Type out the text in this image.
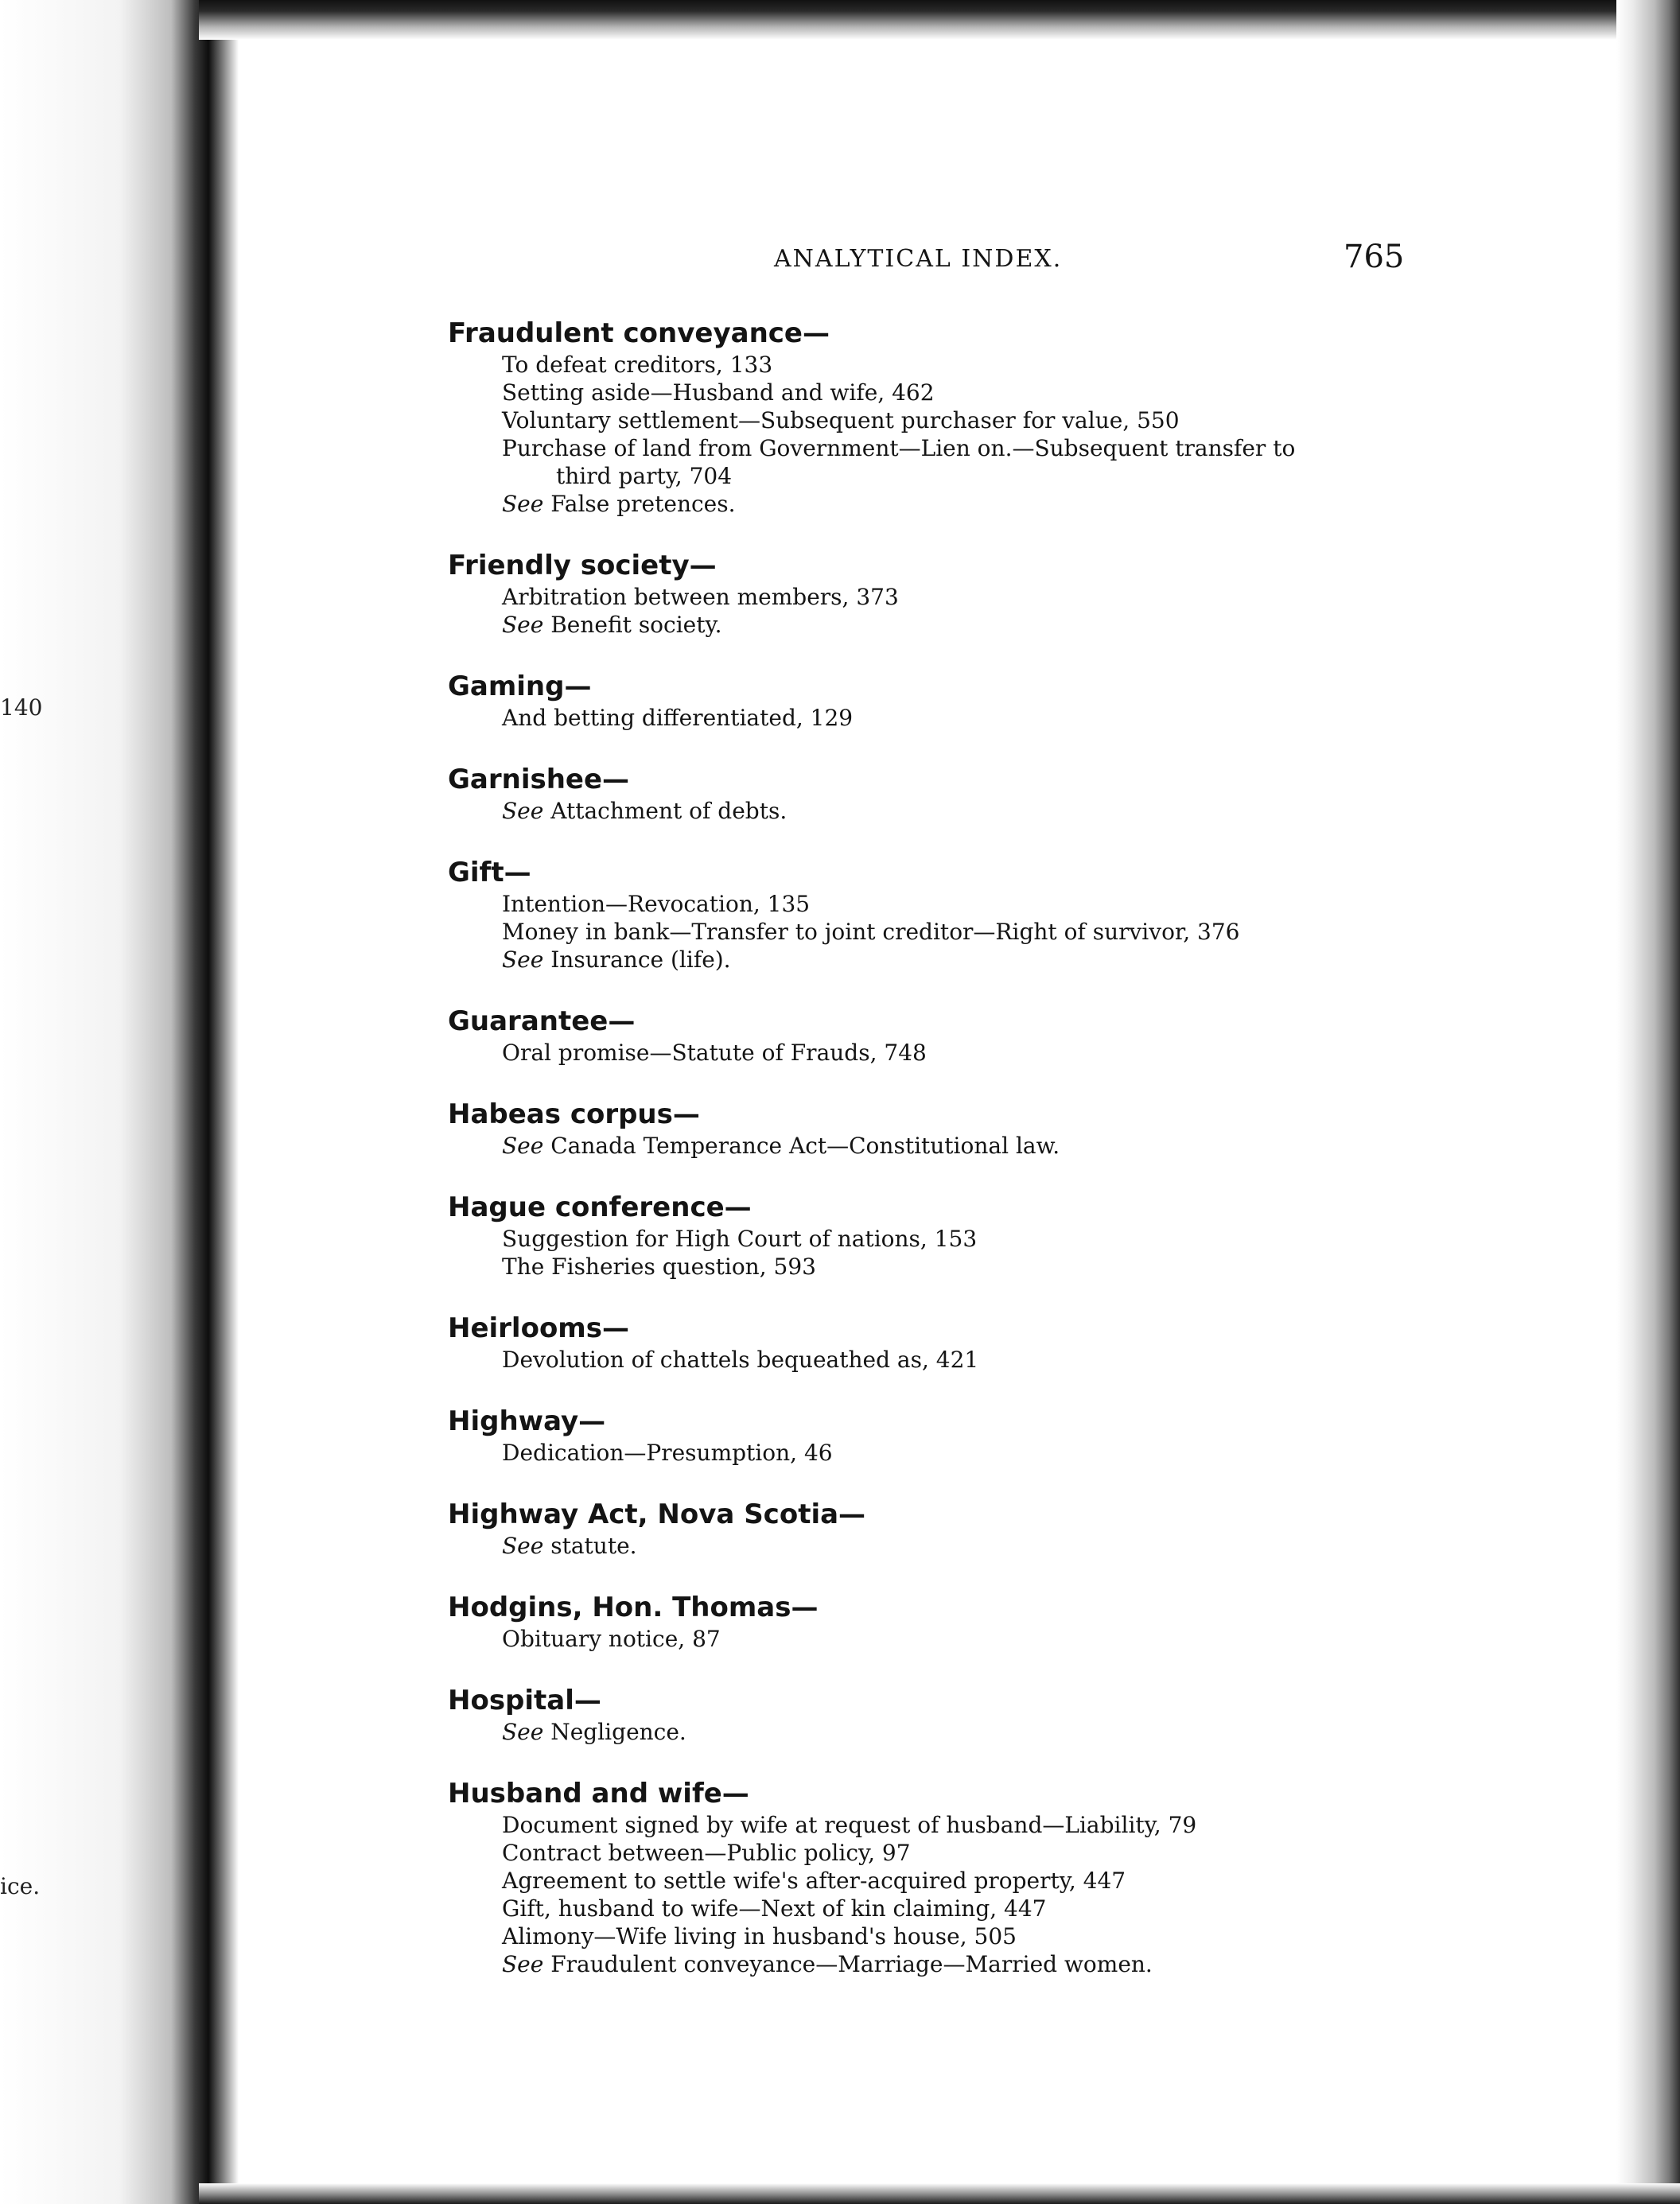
140
ice.
ANALYTICAL INDEX.	765
Fraudulent conveyance—
To defeat creditors, 133
Setting aside—Husband and wife, 462
Voluntary settlement—Subsequent purchaser for value, 550
Purchase of land from Government—Lien on.—Subsequent transfer to
third party, 704
See False pretences.
Friendly society—
Arbitration between members, 373
See Benefit society.
Gaming—
And betting differentiated, 129
Garnishee—
See Attachment of debts.
Gift—
Intention—Revocation, 135
Money in bank—Transfer to joint creditor—Right of survivor, 376
See Insurance (life).
Guarantee—
Oral promise—Statute of Frauds, 748
Habeas corpus—
See Canada Temperance Act—Constitutional law.
Hague conference—
Suggestion for High Court of nations, 153
The Fisheries question, 593
Heirlooms—
Devolution of chattels bequeathed as, 421
Highway—
Dedication—Presumption, 46
Highway Act, Nova Scotia—
See statute.
Hodgins, Hon. Thomas—
Obituary notice, 87
Hospital—
See Negligence.
Husband and wife—
Document signed by wife at request of husband—Liability, 79
Contract between—Public policy, 97
Agreement to settle wife's after-acquired property, 447
Gift, husband to wife—Next of kin claiming, 447
Alimony—Wife living in husband's house, 505
See Fraudulent conveyance—Marriage—Married women.
